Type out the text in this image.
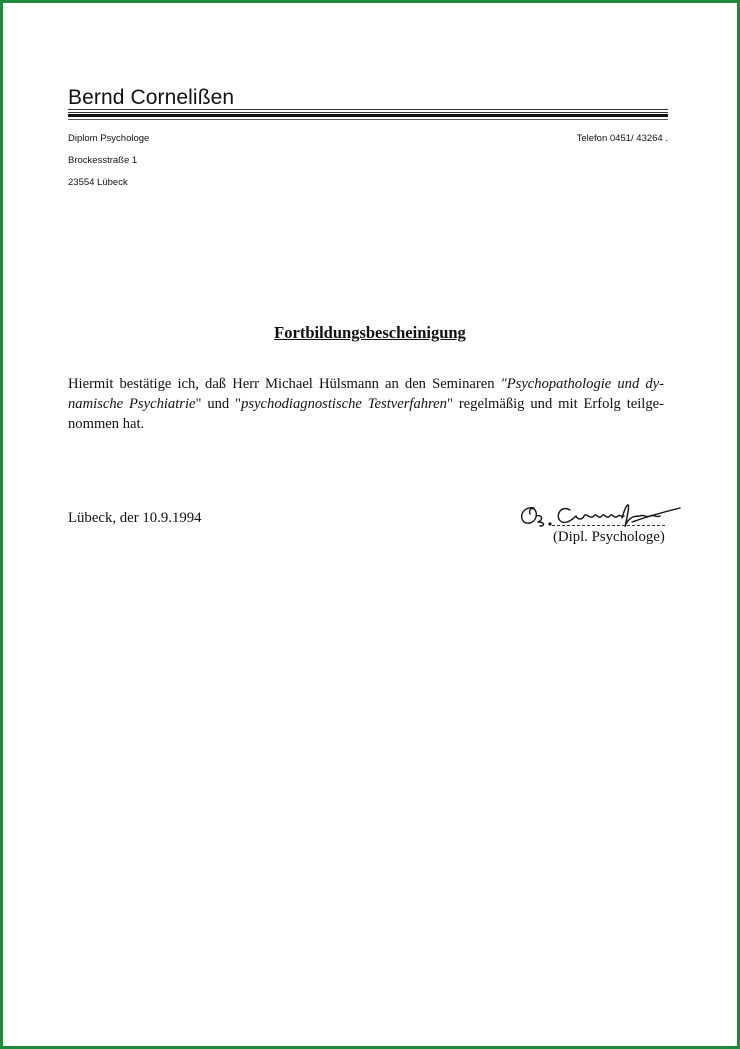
Bernd Cornelißen
Diplom Psychologe	Telefon 0451/ 43264 .
Brockesstraße 1
23554 Lübeck
Fortbildungsbescheinigung
Hiermit bestätige ich, daß Herr Michael Hülsmann an den Seminaren "Psychopathologie und dy-
namische Psychiatrie" und "psychodiagnostische Testverfahren" regelmäßig und mit Erfolg teilge-
nommen hat.
Lübeck, der 10.9.1994
(Dipl. Psychologe)
